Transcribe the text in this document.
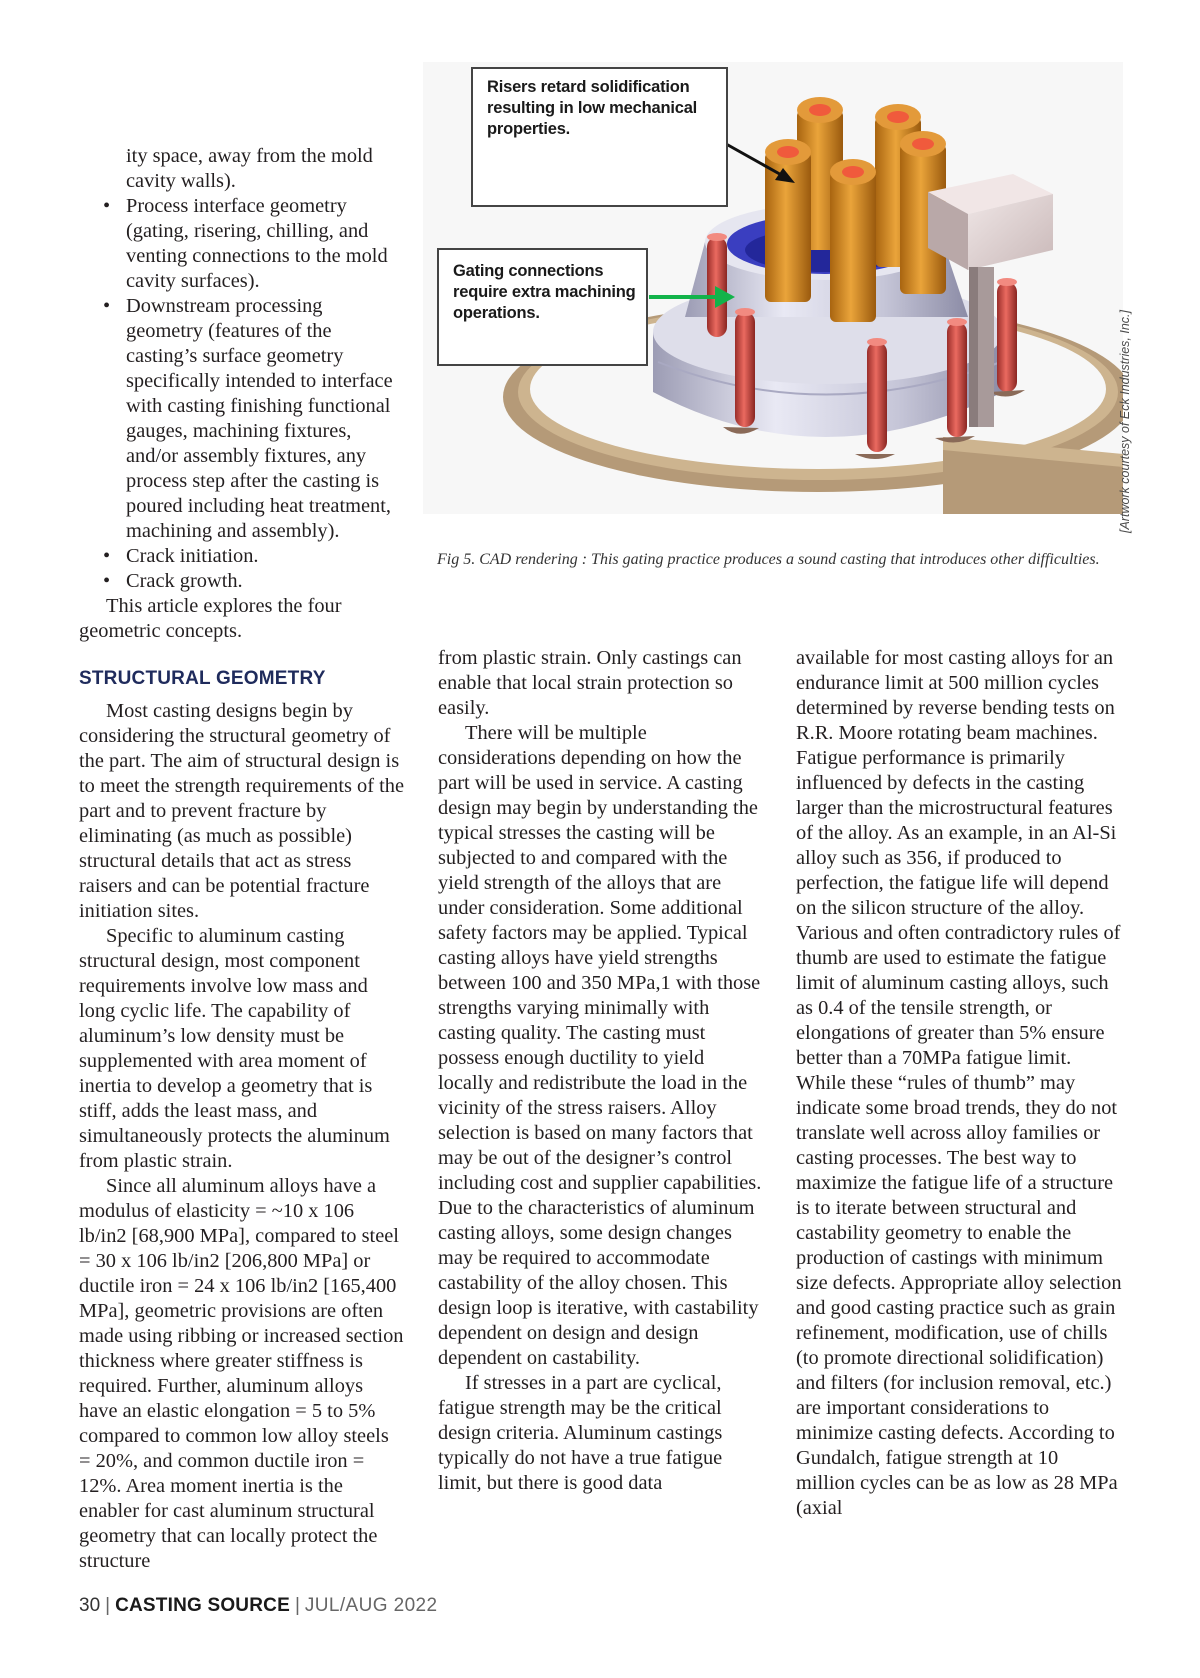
ity space, away from the mold cavity walls).
• Process interface geometry (gating, risering, chilling, and venting connections to the mold cavity surfaces).
• Downstream processing geometry (features of the casting’s surface geometry specifically intended to interface with casting finishing functional gauges, machining fixtures, and/or assembly fixtures, any process step after the casting is poured including heat treatment, machining and assembly).
• Crack initiation.
• Crack growth.

This article explores the four geometric concepts.

STRUCTURAL GEOMETRY

Most casting designs begin by considering the structural geometry of the part. The aim of structural design is to meet the strength requirements of the part and to prevent fracture by eliminating (as much as possible) structural details that act as stress raisers and can be potential fracture initiation sites.

Specific to aluminum casting structural design, most component requirements involve low mass and long cyclic life. The capability of aluminum’s low density must be supplemented with area moment of inertia to develop a geometry that is stiff, adds the least mass, and simultaneously protects the aluminum from plastic strain.

Since all aluminum alloys have a modulus of elasticity = ~10 x 106 lb/in2 [68,900 MPa], compared to steel = 30 x 106 lb/in2 [206,800 MPa] or ductile iron = 24 x 106 lb/in2 [165,400 MPa], geometric provisions are often made using ribbing or increased section thickness where greater stiffness is required. Further, aluminum alloys have an elastic elongation = 5 to 5% compared to common low alloy steels = 20%, and common ductile iron = 12%. Area moment inertia is the enabler for cast aluminum structural geometry that can locally protect the structure

Risers retard solidification resulting in low mechanical properties.
Gating connections require extra machining operations.	[Artwork courtesy of Eck Industries, Inc.]
Fig 5. CAD rendering : This gating practice produces a sound casting that introduces other difficulties.

from plastic strain. Only castings can enable that local strain protection so easily.

There will be multiple considerations depending on how the part will be used in service. A casting design may begin by understanding the typical stresses the casting will be subjected to and compared with the yield strength of the alloys that are under consideration. Some additional safety factors may be applied. Typical casting alloys have yield strengths between 100 and 350 MPa,1 with those strengths varying minimally with casting quality. The casting must possess enough ductility to yield locally and redistribute the load in the vicinity of the stress raisers. Alloy selection is based on many factors that may be out of the designer’s control including cost and supplier capabilities. Due to the characteristics of aluminum casting alloys, some design changes may be required to accommodate castability of the alloy chosen. This design loop is iterative, with castability dependent on design and design dependent on castability.

If stresses in a part are cyclical, fatigue strength may be the critical design criteria. Aluminum castings typically do not have a true fatigue limit, but there is good data

available for most casting alloys for an endurance limit at 500 million cycles determined by reverse bending tests on R.R. Moore rotating beam machines. Fatigue performance is primarily influenced by defects in the casting larger than the microstructural features of the alloy. As an example, in an Al-Si alloy such as 356, if produced to perfection, the fatigue life will depend on the silicon structure of the alloy. Various and often contradictory rules of thumb are used to estimate the fatigue limit of aluminum casting alloys, such as 0.4 of the tensile strength, or elongations of greater than 5% ensure better than a 70MPa fatigue limit. While these “rules of thumb” may indicate some broad trends, they do not translate well across alloy families or casting processes. The best way to maximize the fatigue life of a structure is to iterate between structural and castability geometry to enable the production of castings with minimum size defects. Appropriate alloy selection and good casting practice such as grain refinement, modification, use of chills (to promote directional solidification) and filters (for inclusion removal, etc.) are important considerations to minimize casting defects. According to Gundalch, fatigue strength at 10 million cycles can be as low as 28 MPa (axial

30 | CASTING SOURCE | JUL/AUG 2022
